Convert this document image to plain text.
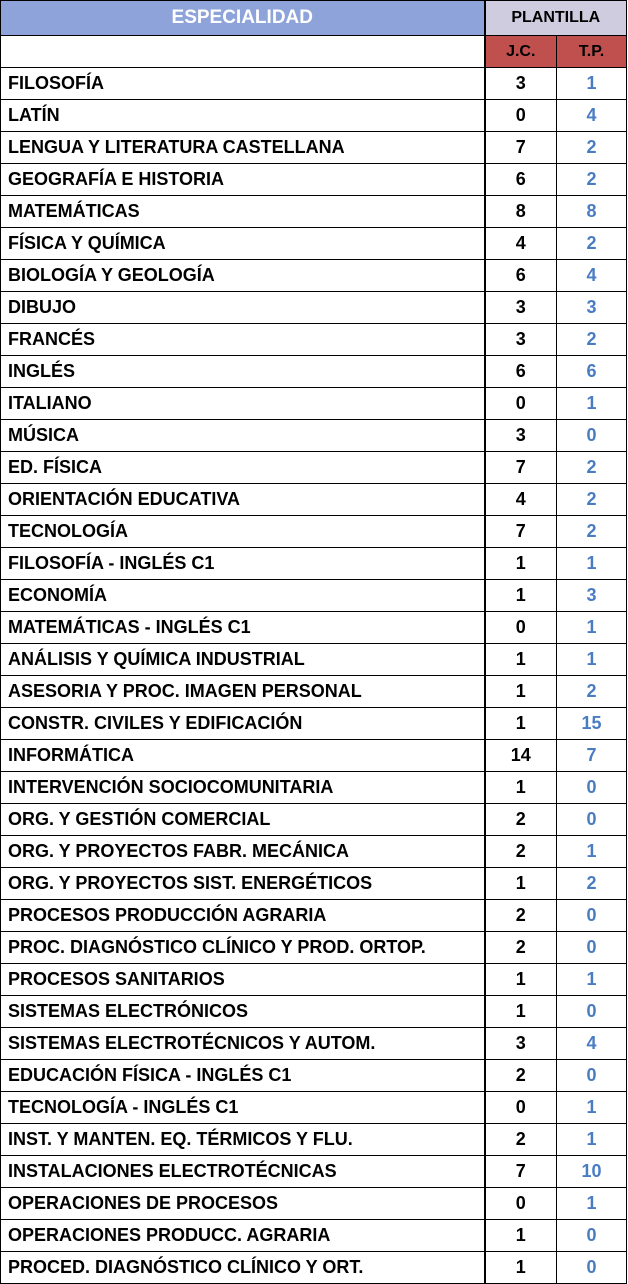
ESPECIALIDAD	PLANTILLA	
	J.C.	T.P.
FILOSOFÍA	3	1
LATÍN	0	4
LENGUA Y LITERATURA CASTELLANA	7	2
GEOGRAFÍA E HISTORIA	6	2
MATEMÁTICAS	8	8
FÍSICA Y QUÍMICA	4	2
BIOLOGÍA Y GEOLOGÍA	6	4
DIBUJO	3	3
FRANCÉS	3	2
INGLÉS	6	6
ITALIANO	0	1
MÚSICA	3	0
ED. FÍSICA	7	2
ORIENTACIÓN EDUCATIVA	4	2
TECNOLOGÍA	7	2
FILOSOFÍA - INGLÉS C1	1	1
ECONOMÍA	1	3
MATEMÁTICAS - INGLÉS C1	0	1
ANÁLISIS Y QUÍMICA INDUSTRIAL	1	1
ASESORIA Y PROC. IMAGEN PERSONAL	1	2
CONSTR. CIVILES Y EDIFICACIÓN	1	15
INFORMÁTICA	14	7
INTERVENCIÓN SOCIOCOMUNITARIA	1	0
ORG. Y GESTIÓN COMERCIAL	2	0
ORG. Y PROYECTOS FABR. MECÁNICA	2	1
ORG. Y PROYECTOS SIST. ENERGÉTICOS	1	2
PROCESOS PRODUCCIÓN AGRARIA	2	0
PROC. DIAGNÓSTICO CLÍNICO Y PROD. ORTOP.	2	0
PROCESOS SANITARIOS	1	1
SISTEMAS ELECTRÓNICOS	1	0
SISTEMAS ELECTROTÉCNICOS Y AUTOM.	3	4
EDUCACIÓN FÍSICA - INGLÉS C1	2	0
TECNOLOGÍA - INGLÉS C1	0	1
INST. Y MANTEN. EQ. TÉRMICOS Y FLU.	2	1
INSTALACIONES ELECTROTÉCNICAS	7	10
OPERACIONES DE PROCESOS	0	1
OPERACIONES PRODUCC. AGRARIA	1	0
PROCED. DIAGNÓSTICO CLÍNICO Y ORT.	1	0
